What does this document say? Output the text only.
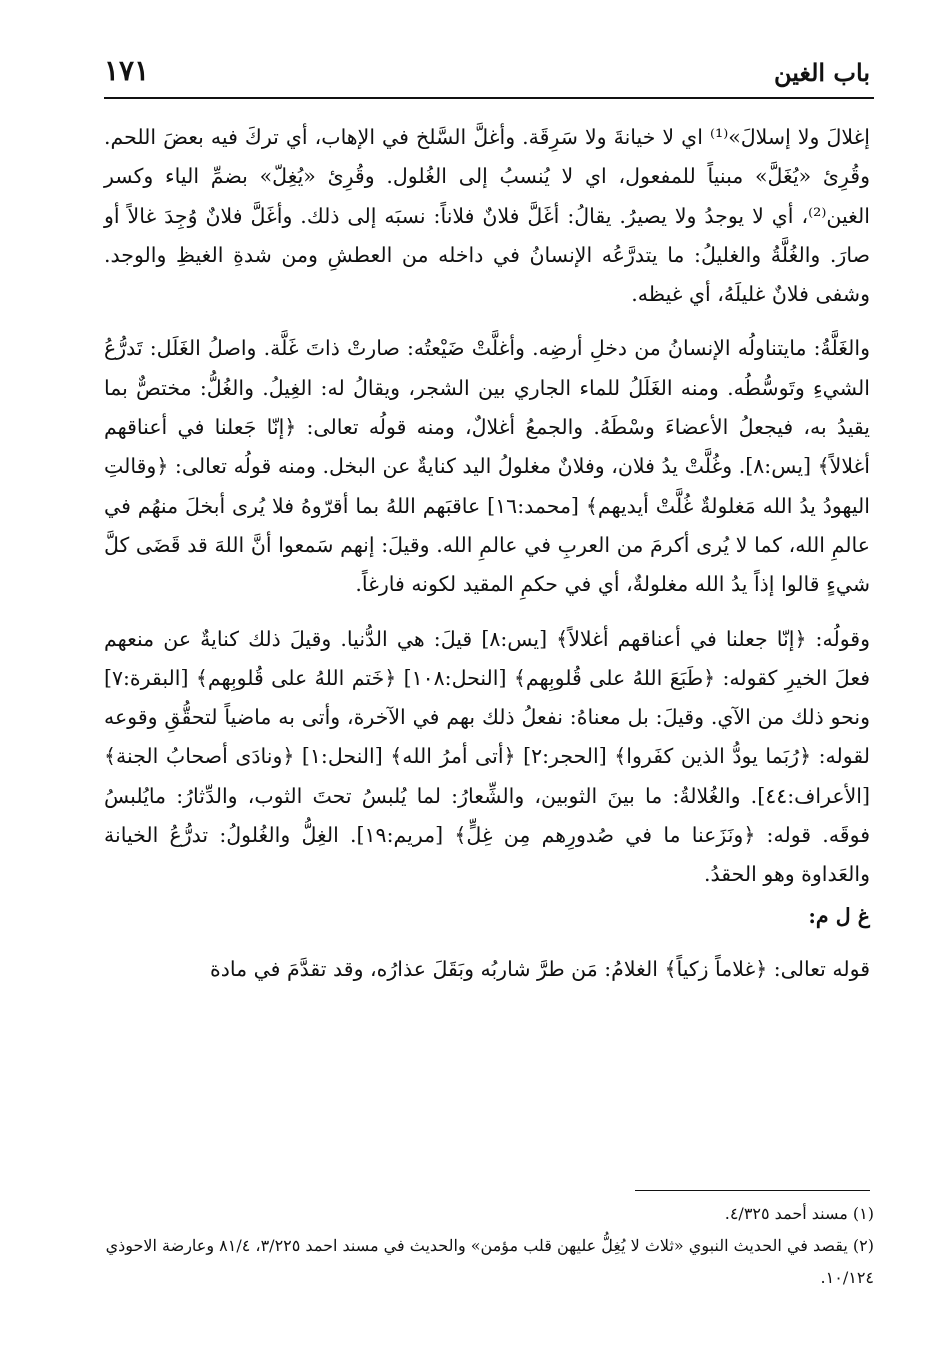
باب الغين
١٧١

إغلالَ ولا إسلالَ»⁽¹⁾ اي لا خيانةَ ولا سَرِقَة. وأغلَّ السَّلخ في الإهاب، أي تركَ فيه بعضَ اللحم. وقُرِئ «يُغَلَّ» مبنياً للمفعول، اي لا يُنسبُ إلى الغُلول. وقُرِئ «يُغِلّ» بضمِّ الياء وكسر الغين⁽²⁾، أي لا يوجدُ ولا يصيرُ. يقالُ: أغَلَّ فلانٌ فلاناً: نسبَه إلى ذلك. وأغَلَّ فلانٌ وُجِدَ غالاً أو صارَ. والغُلَّةُ والغليلُ: ما يتدرَّعُه الإنسانُ في داخله من العطشِ ومن شدةِ الغيظِ والوجد. وشفى فلانٌ غليلَهُ، أي غيظه.

والغَلَّةُ: مايتناولُه الإنسانُ من دخلِ أرضِه. وأغلَّتْ ضَيْعتُه: صارتْ ذاتَ غَلَّة. واصلُ الغَلَل: تَدرُّعُ الشيءِ وتَوسُّطُه. ومنه الغَلَلُ للماء الجاري بين الشجر، ويقالُ له: الغِيلُ. والغُلُّ: مختصٌّ بما يقيدُ به، فيجعلُ الأعضاءَ وسْطَهُ. والجمعُ أغلالٌ، ومنه قولُه تعالى: ﴿إنّا جَعلنا في أعناقهم أغلالاً﴾ [يس:٨]. وغُلَّتْ يدُ فلان، وفلانٌ مغلولُ اليد كنايةٌ عن البخل. ومنه قولُه تعالى: ﴿وقالتِ اليهودُ يدُ الله مَغلولةٌ غُلَّتْ أيديهم﴾ [محمد:١٦] عاقبَهم اللهُ بما أقرّوهُ فلا يُرى أبخلَ منهُم في عالمِ الله، كما لا يُرى أكرمَ من العربِ في عالمِ الله. وقيلَ: إنهم سَمعوا أنَّ اللهَ قد قَضَى كلَّ شيءٍ قالوا إذاً يدُ الله مغلولةٌ، أي في حكمِ المقيد لكونه فارغاً.

وقولُه: ﴿إنّا جعلنا في أعناقهم أغلالاً﴾ [يس:٨] قيلَ: هي الدُّنيا. وقيلَ ذلك كنايةٌ عن منعهم فعلَ الخيرِ كقوله: ﴿طَبَعَ اللهُ على قُلوبِهم﴾ [النحل:١٠٨] ﴿خَتم اللهُ على قُلوبِهم﴾ [البقرة:٧] ونحو ذلك من الآي. وقيلَ: بل معناهُ: نفعلُ ذلك بهم في الآخرة، وأتى به ماضياً لتحقُّقِ وقوعه لقوله: ﴿رُبَما يودُّ الذين كفَروا﴾ [الحجر:٢] ﴿أتى أمرُ الله﴾ [النحل:١] ﴿ونادَى أصحابُ الجنة﴾ [الأعراف:٤٤]. والغُلالةُ: ما بينَ الثوبين، والشِّعارُ: لما يُلبسُ تحتَ الثوب، والدِّثارُ: مايُلبسُ فوقَه. قوله: ﴿ونَزَعنا ما في صُدورِهم مِن غِلٍّ﴾ [مريم:١٩]. الغِلُّ والغُلولُ: تدرُّعُ الخيانة والعَداوة وهو الحقدُ.

غ ل م:

قوله تعالى: ﴿غلاماً زكياً﴾ الغلامُ: مَن طرَّ شاربُه وبَقَلَ عذارُه، وقد تقدَّمَ في مادة

(١) مسند أحمد ٤/٣٢٥.

(٢) يقصد في الحديث النبوي «ثلاث لا يُغِلُّ عليهن قلب مؤمن» والحديث في مسند احمد ٣/٢٢٥، ٨١/٤ وعارضة الاحوذي ١٠/١٢٤.
